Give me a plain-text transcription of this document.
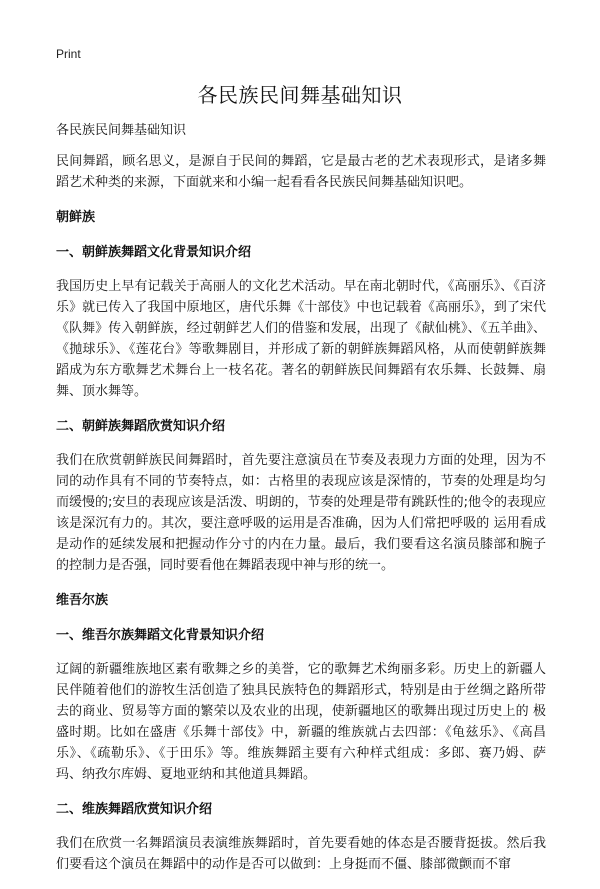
Print
各民族民间舞基础知识

各民族民间舞基础知识

民间舞蹈，顾名思义，是源自于民间的舞蹈，它是最古老的艺术表现形式，是诸多舞蹈艺术种类的来源，下面就来和小编一起看看各民族民间舞基础知识吧。

朝鲜族

一、朝鲜族舞蹈文化背景知识介绍

我国历史上早有记载关于高丽人的文化艺术活动。早在南北朝时代，《高丽乐》、《百济乐》就已传入了我国中原地区，唐代乐舞《十部伎》中也记载着《高丽乐》，到了宋代《队舞》传入朝鲜族，经过朝鲜艺人们的借鉴和发展，出现了《献仙桃》、《五羊曲》、《抛球乐》、《莲花台》等歌舞剧目，并形成了新的朝鲜族舞蹈风格，从而使朝鲜族舞蹈成为东方歌舞艺术舞台上一枝名花。著名的朝鲜族民间舞蹈有农乐舞、长鼓舞、扇舞、顶水舞等。

二、朝鲜族舞蹈欣赏知识介绍

我们在欣赏朝鲜族民间舞蹈时，首先要注意演员在节奏及表现力方面的处理，因为不同的动作具有不同的节奏特点，如：古格里的表现应该是深情的，节奏的处理是均匀而缓慢的;安旦的表现应该是活泼、明朗的，节奏的处理是带有跳跃性的;他令的表现应该是深沉有力的。其次，要注意呼吸的运用是否准确，因为人们常把呼吸的 运用看成是动作的延续发展和把握动作分寸的内在力量。最后，我们要看这名演员膝部和腕子的控制力是否强，同时要看他在舞蹈表现中神与形的统一。

维吾尔族

一、维吾尔族舞蹈文化背景知识介绍

辽阔的新疆维族地区素有歌舞之乡的美誉，它的歌舞艺术绚丽多彩。历史上的新疆人民伴随着他们的游牧生活创造了独具民族特色的舞蹈形式，特别是由于丝绸之路所带去的商业、贸易等方面的繁荣以及农业的出现，使新疆地区的歌舞出现过历史上的 极盛时期。比如在盛唐《乐舞十部伎》中，新疆的维族就占去四部：《龟兹乐》、《高昌乐》、《疏勒乐》、《于田乐》等。维族舞蹈主要有六种样式组成：多郎、赛乃姆、萨玛、纳孜尔库姆、夏地亚纳和其他道具舞蹈。

二、维族舞蹈欣赏知识介绍

我们在欣赏一名舞蹈演员表演维族舞蹈时，首先要看她的体态是否腰背挺拔。然后我们要看这个演员在舞蹈中的动作是否可以做到：上身挺而不僵、膝部微颤而不窜
